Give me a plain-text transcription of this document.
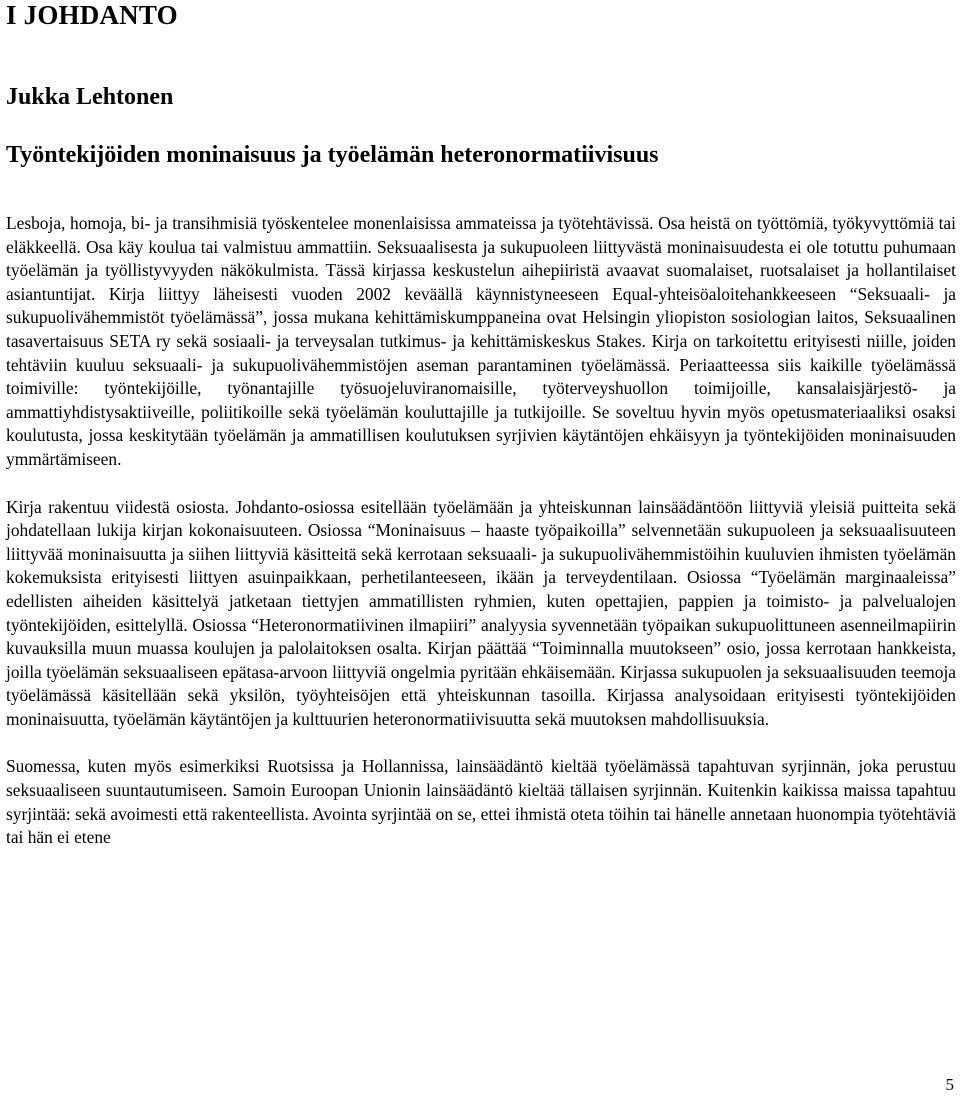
I JOHDANTO
Jukka Lehtonen
Työntekijöiden moninaisuus ja työelämän heteronormatiivisuus

Lesboja, homoja, bi- ja transihmisiä työskentelee monenlaisissa ammateissa ja työtehtävissä. Osa heistä on työttömiä, työkyvyttömiä tai eläkkeellä. Osa käy koulua tai valmistuu ammattiin. Seksuaalisesta ja sukupuoleen liittyvästä moninaisuudesta ei ole totuttu puhumaan työelämän ja työllistyvyyden näkökulmista. Tässä kirjassa keskustelun aihepiiristä avaavat suomalaiset, ruotsalaiset ja hollantilaiset asiantuntijat. Kirja liittyy läheisesti vuoden 2002 keväällä käynnistyneeseen Equal-yhteisöaloitehankkeeseen “Seksuaali- ja sukupuolivähemmistöt työelämässä”, jossa mukana kehittämiskumppaneina ovat Helsingin yliopiston sosiologian laitos, Seksuaalinen tasavertaisuus SETA ry sekä sosiaali- ja terveysalan tutkimus- ja kehittämiskeskus Stakes. Kirja on tarkoitettu erityisesti niille, joiden tehtäviin kuuluu seksuaali- ja sukupuolivähemmistöjen aseman parantaminen työelämässä. Periaatteessa siis kaikille työelämässä toimiville: työntekijöille, työnantajille työsuojeluviranomaisille, työterveyshuollon toimijoille, kansalaisjärjestö- ja ammattiyhdistysaktiiveille, poliitikoille sekä työelämän kouluttajille ja tutkijoille. Se soveltuu hyvin myös opetusmateriaaliksi osaksi koulutusta, jossa keskitytään työelämän ja ammatillisen koulutuksen syrjivien käytäntöjen ehkäisyyn ja työntekijöiden moninaisuuden ymmärtämiseen.

Kirja rakentuu viidestä osiosta. Johdanto-osiossa esitellään työelämään ja yhteiskunnan lainsäädäntöön liittyviä yleisiä puitteita sekä johdatellaan lukija kirjan kokonaisuuteen. Osiossa “Moninaisuus – haaste työpaikoilla” selvennetään sukupuoleen ja seksuaalisuuteen liittyvää moninaisuutta ja siihen liittyviä käsitteitä sekä kerrotaan seksuaali- ja sukupuolivähemmistöihin kuuluvien ihmisten työelämän kokemuksista erityisesti liittyen asuinpaikkaan, perhetilanteeseen, ikään ja terveydentilaan. Osiossa “Työelämän marginaaleissa” edellisten aiheiden käsittelyä jatketaan tiettyjen ammatillisten ryhmien, kuten opettajien, pappien ja toimisto- ja palvelualojen työntekijöiden, esittelyllä. Osiossa “Heteronormatiivinen ilmapiiri” analyysia syvennetään työpaikan sukupuolittuneen asenneilmapiirin kuvauksilla muun muassa koulujen ja palolaitoksen osalta. Kirjan päättää “Toiminnalla muutokseen” osio, jossa kerrotaan hankkeista, joilla työelämän seksuaaliseen epätasa-arvoon liittyviä ongelmia pyritään ehkäisemään. Kirjassa sukupuolen ja seksuaalisuuden teemoja työelämässä käsitellään sekä yksilön, työyhteisöjen että yhteiskunnan tasoilla. Kirjassa analysoidaan erityisesti työntekijöiden moninaisuutta, työelämän käytäntöjen ja kulttuurien heteronormatiivisuutta sekä muutoksen mahdollisuuksia.

Suomessa, kuten myös esimerkiksi Ruotsissa ja Hollannissa, lainsäädäntö kieltää työelämässä tapahtuvan syrjinnän, joka perustuu seksuaaliseen suuntautumiseen. Samoin Euroopan Unionin lainsäädäntö kieltää tällaisen syrjinnän. Kuitenkin kaikissa maissa tapahtuu syrjintää: sekä avoimesti että rakenteellista. Avointa syrjintää on se, ettei ihmistä oteta töihin tai hänelle annetaan huonompia työtehtäviä tai hän ei etene

5
